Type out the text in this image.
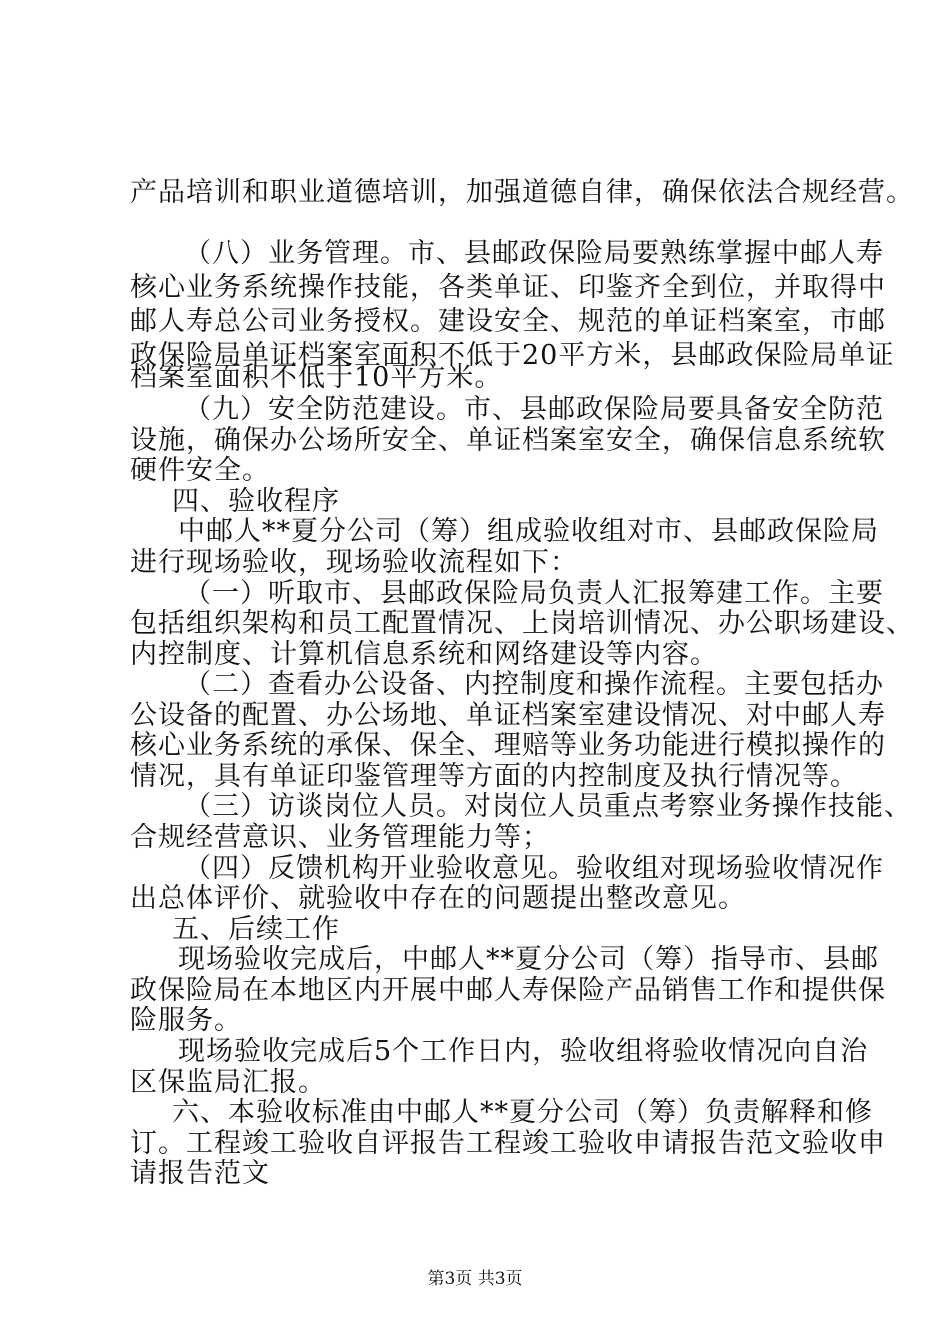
产品培训和职业道德培训，加强道德自律，确保依法合规经营。
（八）业务管理。市、县邮政保险局要熟练掌握中邮人寿
核心业务系统操作技能，各类单证、印鉴齐全到位，并取得中
邮人寿总公司业务授权。建设安全、规范的单证档案室，市邮
政保险局单证档案室面积不低于20平方米，县邮政保险局单证
档案室面积不低于10平方米。
（九）安全防范建设。市、县邮政保险局要具备安全防范
设施，确保办公场所安全、单证档案室安全，确保信息系统软
硬件安全。
四、验收程序
中邮人**夏分公司（筹）组成验收组对市、县邮政保险局
进行现场验收，现场验收流程如下：
（一）听取市、县邮政保险局负责人汇报筹建工作。主要
包括组织架构和员工配置情况、上岗培训情况、办公职场建设、
内控制度、计算机信息系统和网络建设等内容。
（二）查看办公设备、内控制度和操作流程。主要包括办
公设备的配置、办公场地、单证档案室建设情况、对中邮人寿
核心业务系统的承保、保全、理赔等业务功能进行模拟操作的
情况，具有单证印鉴管理等方面的内控制度及执行情况等。
（三）访谈岗位人员。对岗位人员重点考察业务操作技能、
合规经营意识、业务管理能力等；
（四）反馈机构开业验收意见。验收组对现场验收情况作
出总体评价、就验收中存在的问题提出整改意见。
五、后续工作
现场验收完成后，中邮人**夏分公司（筹）指导市、县邮
政保险局在本地区内开展中邮人寿保险产品销售工作和提供保
险服务。
现场验收完成后5个工作日内，验收组将验收情况向自治
区保监局汇报。
六、本验收标准由中邮人**夏分公司（筹）负责解释和修
订。工程竣工验收自评报告工程竣工验收申请报告范文验收申
请报告范文
第3页 共3页
